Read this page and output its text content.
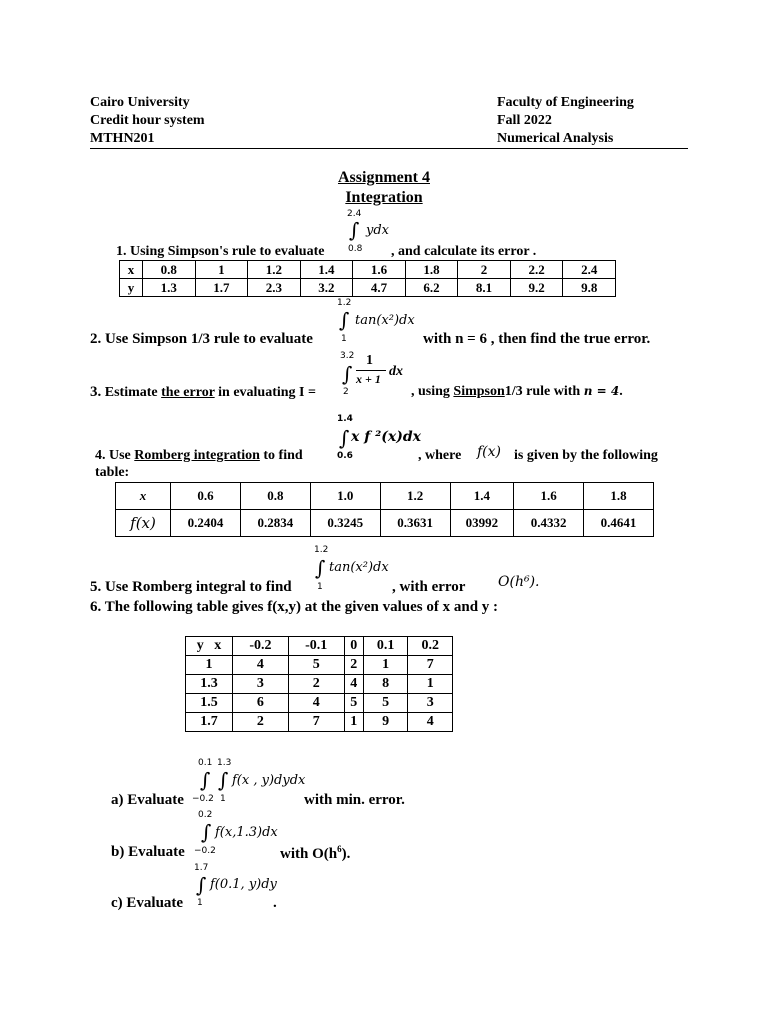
Cairo University
Credit hour system
MTHN201
Faculty of Engineering
Fall 2022
Numerical Analysis
Assignment 4
Integration
2.4
∫ ydx
0.8
1. Using Simpson's rule to evaluate	, and calculate its error .
x	0.8	1	1.2	1.4	1.6	1.8	2	2.2	2.4
y	1.3	1.7	2.3	3.2	4.7	6.2	8.1	9.2	9.8
1.2
∫ tan(x²)dx
1
2. Use Simpson 1/3 rule to evaluate	with n = 6 , then find the true error.
3.2
∫
1
x + 1 dx
2
3. Estimate the error in evaluating I =	, using Simpson1/3 rule with n = 4.
1.4
∫ x f ²(x)dx
0.6
4. Use Romberg integration to find	, where f(x) is given by the following
table:
x	0.6	0.8	1.0	1.2	1.4	1.6	1.8
f(x)	0.2404	0.2834	0.3245	0.3631	03992	0.4332	0.4641
1.2
∫ tan(x²)dx
1
5. Use Romberg integral to find	, with error O(h⁶).
6. The following table gives f(x,y) at the given values of x and y :
y   x	-0.2	-0.1	0	0.1	0.2
1	4	5	2	1	7
1.3	3	2	4	8	1
1.5	6	4	5	5	3
1.7	2	7	1	9	4
0.1 1.3
∫ ∫ f(x , y)dydx
−0.2 1
a) Evaluate	with min. error.
0.2
∫ f(x,1.3)dx
−0.2
b) Evaluate	with $O(h^6)$.
1.7
∫ f(0.1, y)dy
1
c) Evaluate	.
